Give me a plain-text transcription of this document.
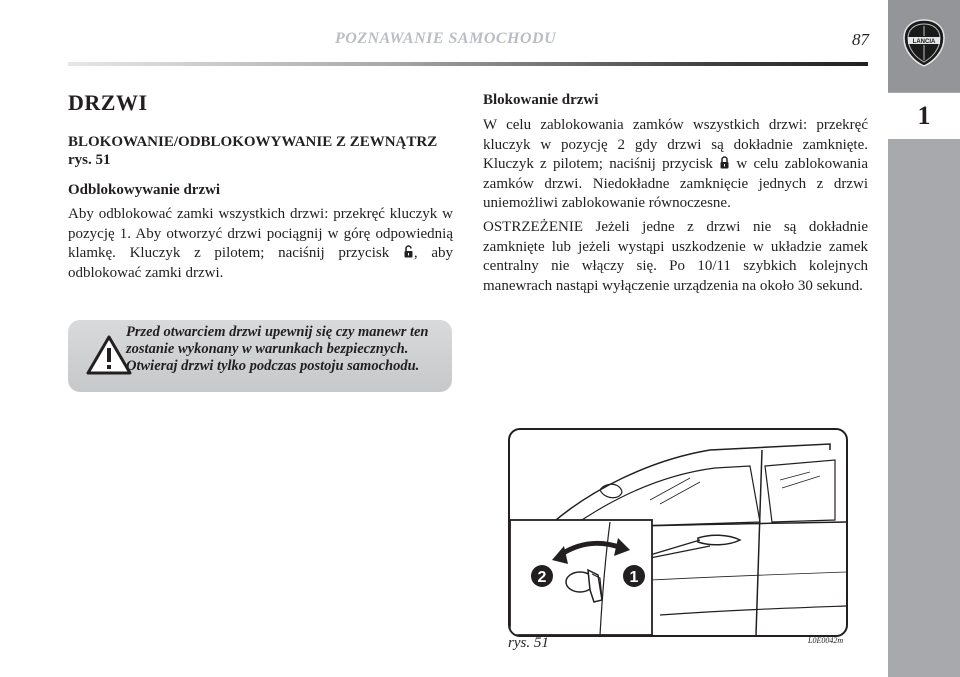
POZNAWANIE SAMOCHODU	87	LANCIA
1
DRZWI
BLOKOWANIE/ODBLOKOWYWANIE Z ZEWNĄTRZ rys. 51
Odblokowywanie drzwi
Aby odblokować zamki wszystkich drzwi: przekręć kluczyk w pozycję 1. Aby otworzyć drzwi pociągnij w górę odpowiednią klamkę. Kluczyk z pilotem; naciśnij przycisk , aby odblokować zamki drzwi.
Przed otwarciem drzwi upewnij się czy manewr ten zostanie wykonany w warunkach bezpiecznych. Otwieraj drzwi tylko podczas postoju samochodu.
Blokowanie drzwi

W celu zablokowania zamków wszystkich drzwi: przekręć kluczyk w pozycję 2 gdy drzwi są dokładnie zamknięte. Kluczyk z pilotem; naciśnij przycisk  w celu zablokowania zamków drzwi. Niedokładne zamknięcie jednych z drzwi uniemożliwi zablokowanie równoczesne.

OSTRZEŻENIE Jeżeli jedne z drzwi nie są dokładnie zamknięte lub jeżeli wystąpi uszkodzenie w układzie zamek centralny nie włączy się. Po 10/11 szybkich kolejnych manewrach nastąpi wyłączenie urządzenia na około 30 sekund.

2	1
rys. 51	L0E0042m
